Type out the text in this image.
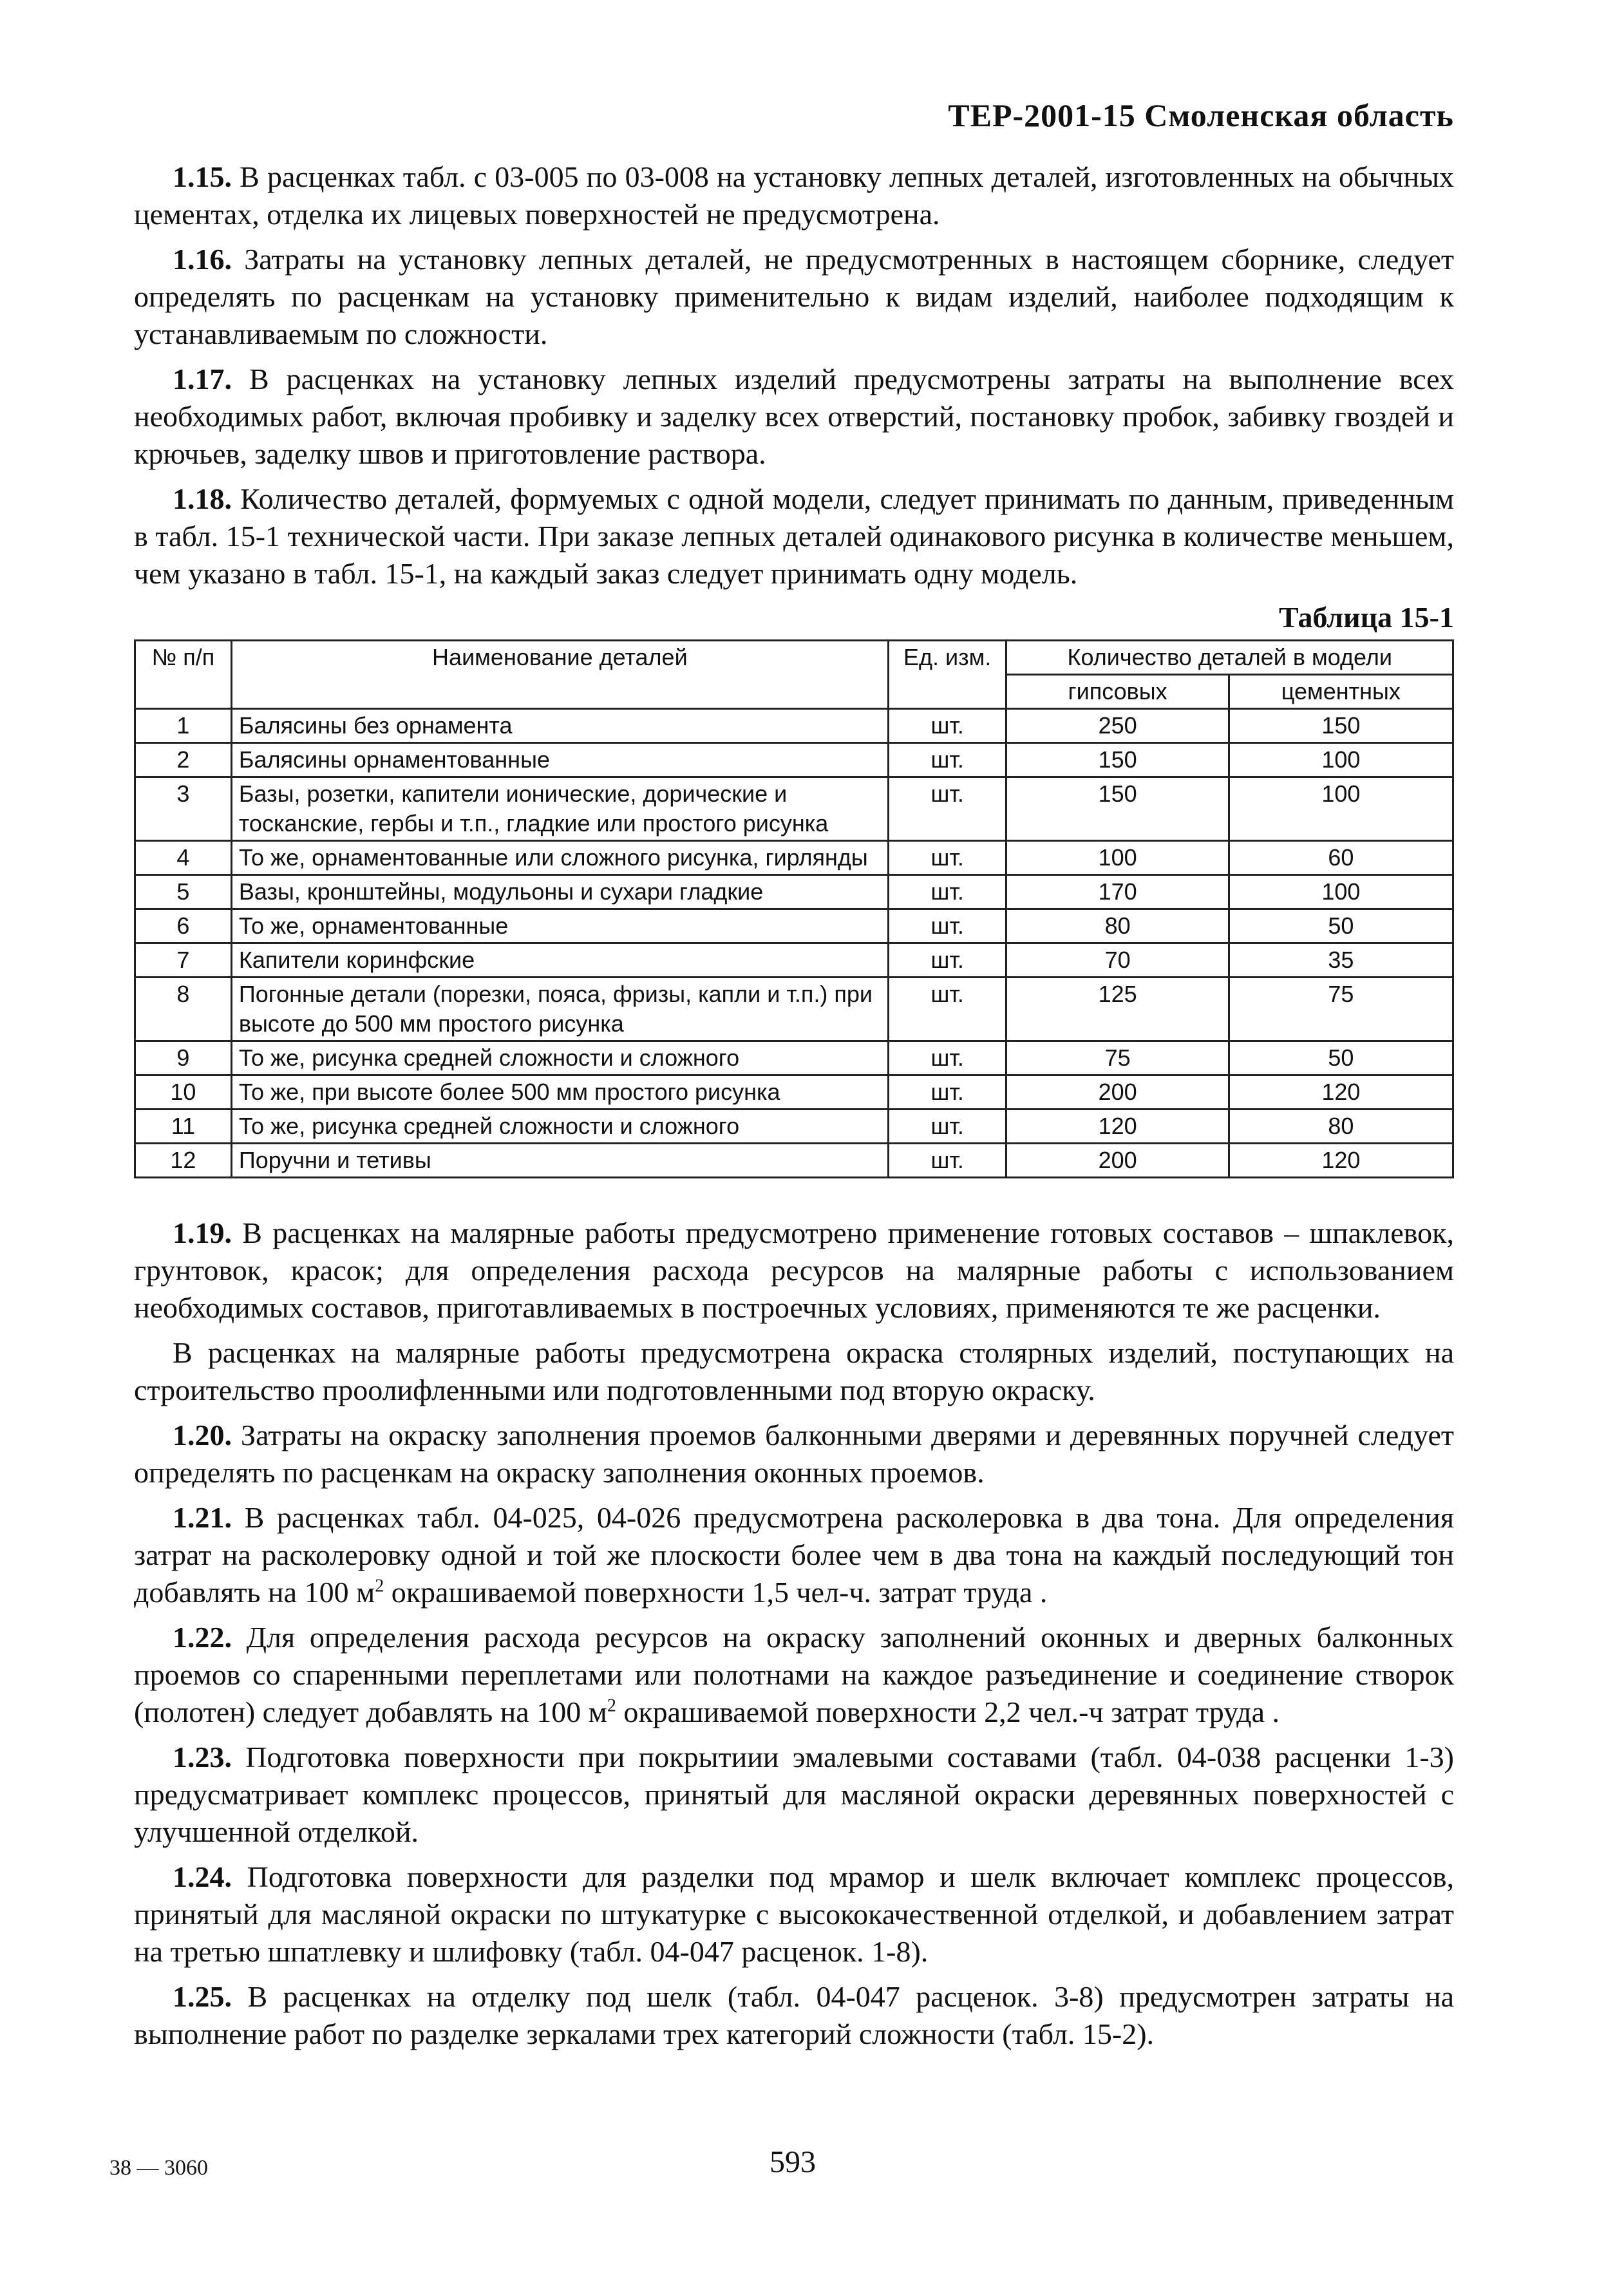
ТЕР-2001-15 Смоленская область

1.15. В расценках табл. с 03-005 по 03-008 на установку лепных деталей, изготовленных на обычных цементах, отделка их лицевых поверхностей не предусмотрена.

1.16. Затраты на установку лепных деталей, не предусмотренных в настоящем сборнике, следует определять по расценкам на установку применительно к видам изделий, наиболее подходящим к устанавливаемым по сложности.

1.17. В расценках на установку лепных изделий предусмотрены затраты на выполнение всех необходимых работ, включая пробивку и заделку всех отверстий, постановку пробок, забивку гвоздей и крючьев, заделку швов и приготовление раствора.

1.18. Количество деталей, формуемых с одной модели, следует принимать по данным, приведенным в табл. 15-1 технической части. При заказе лепных деталей одинакового рисунка в количестве меньшем, чем указано в табл. 15-1, на каждый заказ следует принимать одну модель.

Таблица 15-1
№ п/п	Наименование деталей	Ед. изм.	Количество деталей в модели	
			гипсовых	цементных
1	Балясины без орнамента	шт.	250	150
2	Балясины орнаментованные	шт.	150	100
3	Базы, розетки, капители ионические, дорические и тосканские, гербы и т.п., гладкие или простого рисунка	шт.	150	100
4	То же, орнаментованные или сложного рисунка, гирлянды	шт.	100	60
5	Вазы, кронштейны, модульоны и сухари гладкие	шт.	170	100
6	То же, орнаментованные	шт.	80	50
7	Капители коринфские	шт.	70	35
8	Погонные детали (порезки, пояса, фризы, капли и т.п.) при высоте до 500 мм простого рисунка	шт.	125	75
9	То же, рисунка средней сложности и сложного	шт.	75	50
10	То же, при высоте более 500 мм простого рисунка	шт.	200	120
11	То же, рисунка средней сложности и сложного	шт.	120	80
12	Поручни и тетивы	шт.	200	120

1.19. В расценках на малярные работы предусмотрено применение готовых составов – шпаклевок, грунтовок, красок; для определения расхода ресурсов на малярные работы с использованием необходимых составов, приготавливаемых в построечных условиях, применяются те же расценки.

В расценках на малярные работы предусмотрена окраска столярных изделий, поступающих на строительство проолифленными или подготовленными под вторую окраску.

1.20. Затраты на окраску заполнения проемов балконными дверями и деревянных поручней следует определять по расценкам на окраску заполнения оконных проемов.

1.21. В расценках табл. 04-025, 04-026 предусмотрена расколеровка в два тона. Для определения затрат на расколеровку одной и той же плоскости более чем в два тона на каждый последующий тон добавлять на 100 $м^2$ окрашиваемой поверхности 1,5 чел-ч. затрат труда .

1.22. Для определения расхода ресурсов на окраску заполнений оконных и дверных балконных проемов со спаренными переплетами или полотнами на каждое разъединение и соединение створок (полотен) следует добавлять на 100 $м^2$ окрашиваемой поверхности 2,2 чел.-ч затрат труда .

1.23. Подготовка поверхности при покрытиии эмалевыми составами (табл. 04-038 расценки 1-3) предусматривает комплекс процессов, принятый для масляной окраски деревянных поверхностей с улучшенной отделкой.

1.24. Подготовка поверхности для разделки под мрамор и шелк включает комплекс процессов, принятый для масляной окраски по штукатурке с высококачественной отделкой, и добавлением затрат на третью шпатлевку и шлифовку (табл. 04-047 расценок. 1-8).

1.25. В расценках на отделку под шелк (табл. 04-047 расценок. 3-8) предусмотрен затраты на выполнение работ по разделке зеркалами трех категорий сложности (табл. 15-2).

38 — 3060	593
